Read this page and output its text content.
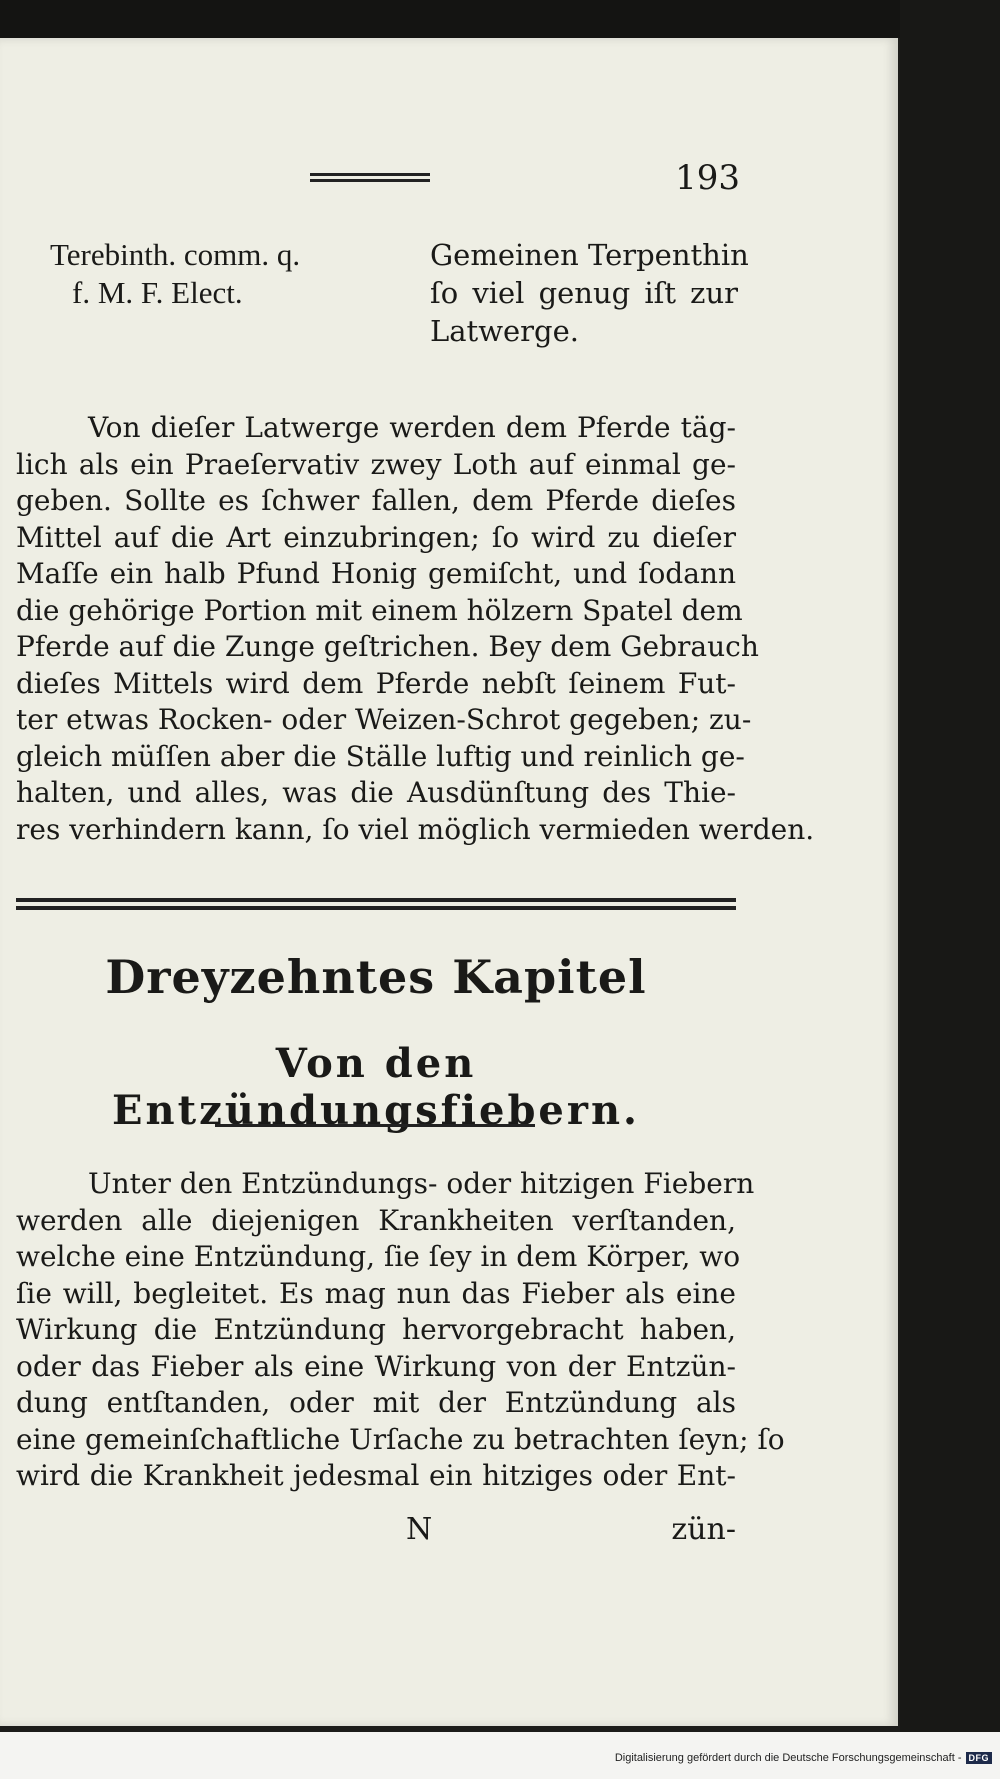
193
Terebinth. comm. q.
f. M. F. Elect.
Gemeinen Terpenthin
ſo viel genug iſt zur
Latwerge.
Von dieſer Latwerge werden dem Pferde täg-
lich als ein Praeſervativ zwey Loth auf einmal ge-
geben. Sollte es ſchwer fallen, dem Pferde dieſes
Mittel auf die Art einzubringen; ſo wird zu dieſer
Maſſe ein halb Pfund Honig gemiſcht, und ſodann
die gehörige Portion mit einem hölzern Spatel dem
Pferde auf die Zunge geſtrichen. Bey dem Gebrauch
dieſes Mittels wird dem Pferde nebſt ſeinem Fut-
ter etwas Rocken- oder Weizen-Schrot gegeben; zu-
gleich müſſen aber die Ställe luftig und reinlich ge-
halten, und alles, was die Ausdünſtung des Thie-
res verhindern kann, ſo viel möglich vermieden werden.
Dreyzehntes Kapitel
Von den Entzündungsfiebern.
Unter den Entzündungs- oder hitzigen Fiebern
werden alle diejenigen Krankheiten verſtanden,
welche eine Entzündung, ſie ſey in dem Körper, wo
ſie will, begleitet. Es mag nun das Fieber als eine
Wirkung die Entzündung hervorgebracht haben,
oder das Fieber als eine Wirkung von der Entzün-
dung entſtanden, oder mit der Entzündung als
eine gemeinſchaftliche Urſache zu betrachten ſeyn; ſo
wird die Krankheit jedesmal ein hitziges oder Ent-
N	zün-
Digitalisierung gefördert durch die Deutsche Forschungsgemeinschaft - DFG
